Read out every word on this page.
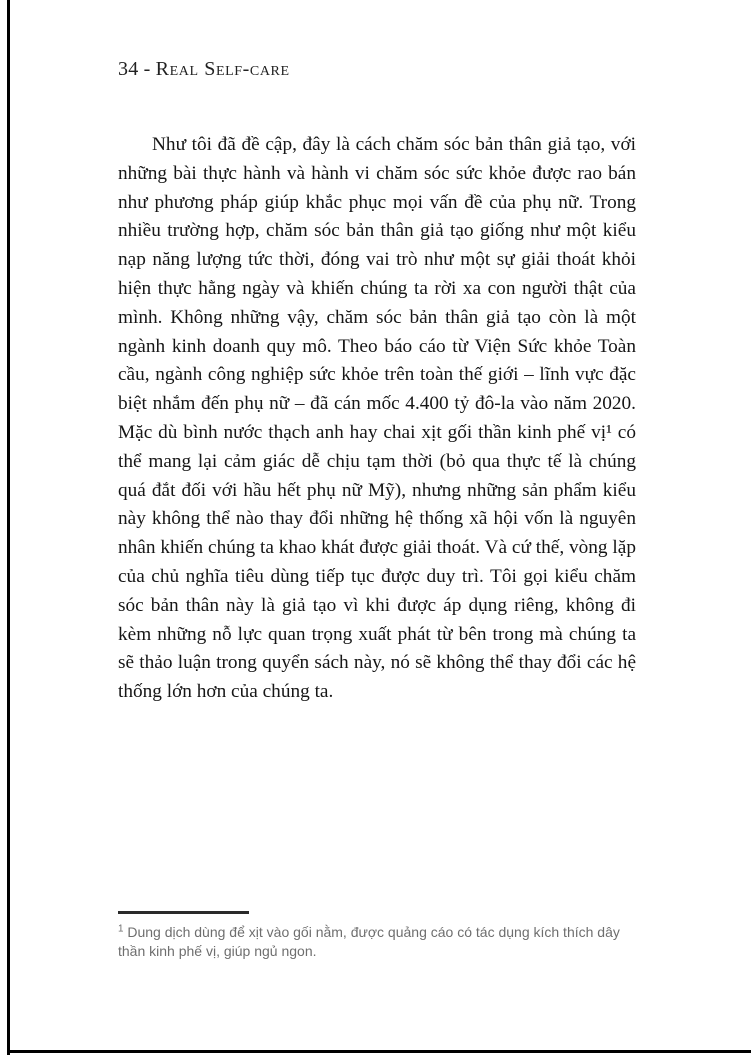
34 - Real Self-care

Như tôi đã đề cập, đây là cách chăm sóc bản thân giả tạo, với những bài thực hành và hành vi chăm sóc sức khỏe được rao bán như phương pháp giúp khắc phục mọi vấn đề của phụ nữ. Trong nhiều trường hợp, chăm sóc bản thân giả tạo giống như một kiểu nạp năng lượng tức thời, đóng vai trò như một sự giải thoát khỏi hiện thực hằng ngày và khiến chúng ta rời xa con người thật của mình. Không những vậy, chăm sóc bản thân giả tạo còn là một ngành kinh doanh quy mô. Theo báo cáo từ Viện Sức khỏe Toàn cầu, ngành công nghiệp sức khỏe trên toàn thế giới – lĩnh vực đặc biệt nhắm đến phụ nữ – đã cán mốc 4.400 tỷ đô-la vào năm 2020. Mặc dù bình nước thạch anh hay chai xịt gối thần kinh phế vị¹ có thể mang lại cảm giác dễ chịu tạm thời (bỏ qua thực tế là chúng quá đắt đối với hầu hết phụ nữ Mỹ), nhưng những sản phẩm kiểu này không thể nào thay đổi những hệ thống xã hội vốn là nguyên nhân khiến chúng ta khao khát được giải thoát. Và cứ thế, vòng lặp của chủ nghĩa tiêu dùng tiếp tục được duy trì. Tôi gọi kiểu chăm sóc bản thân này là giả tạo vì khi được áp dụng riêng, không đi kèm những nỗ lực quan trọng xuất phát từ bên trong mà chúng ta sẽ thảo luận trong quyển sách này, nó sẽ không thể thay đổi các hệ thống lớn hơn của chúng ta.

$^1$ Dung dịch dùng để xịt vào gối nằm, được quảng cáo có tác dụng kích thích dây thần kinh phế vị, giúp ngủ ngon.
